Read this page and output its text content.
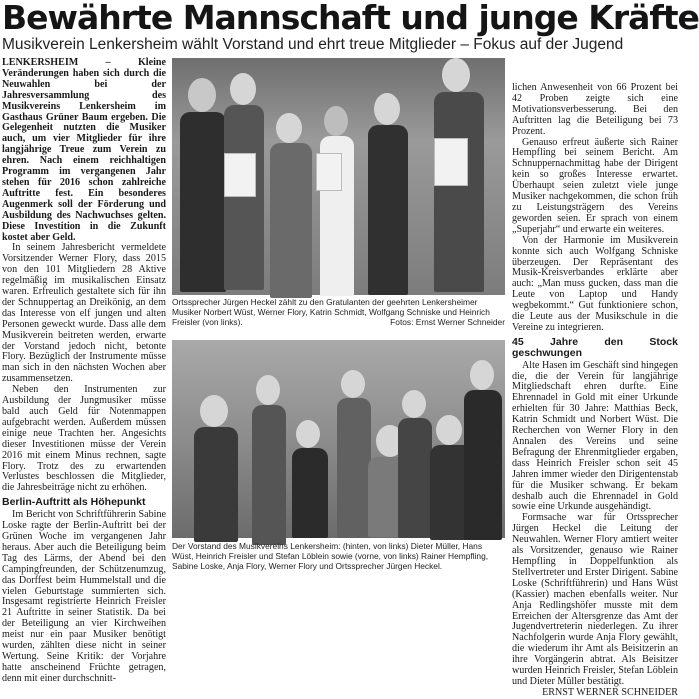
Bewährte Mannschaft und junge Kräfte
Musikverein Lenkersheim wählt Vorstand und ehrt treue Mitglieder – Fokus auf der Jugend

LENKERSHEIM – Kleine Veränderungen haben sich durch die Neuwahlen bei der Jahresversammlung des Musikvereins Lenkersheim im Gasthaus Grüner Baum ergeben. Die Gelegenheit nutzten die Musiker auch, um vier Mitglieder für ihre langjährige Treue zum Verein zu ehren. Nach einem reichhaltigen Programm im vergangenen Jahr stehen für 2016 schon zahlreiche Auftritte fest. Ein besonderes Augenmerk soll der Förderung und Ausbildung des Nachwuchses gelten. Diese Investition in die Zukunft kostet aber Geld.

In seinem Jahresbericht vermeldete Vorsitzender Werner Flory, dass 2015 von den 101 Mitgliedern 28 Aktive regelmäßig im musikalischen Einsatz waren. Erfreulich gestaltete sich für ihn der Schnuppertag an Dreikönig, an dem das Interesse von elf jungen und alten Personen geweckt wurde. Dass alle dem Musikverein beitreten werden, erwarte der Vorstand jedoch nicht, betonte Flory. Bezüglich der Instrumente müsse man sich in den nächsten Wochen aber zusammensetzen.

Neben den Instrumenten zur Ausbildung der Jungmusiker müsse bald auch Geld für Notenmappen aufgebracht werden. Außerdem müssen einige neue Trachten her. Angesichts dieser Investitionen müsse der Verein 2016 mit einem Minus rechnen, sagte Flory. Trotz des zu erwartenden Verlustes beschlossen die Mitglieder, die Jahresbeiträge nicht zu erhöhen.

Berlin-Auftritt als Höhepunkt

Im Bericht von Schriftführerin Sabine Loske ragte der Berlin-Auftritt bei der Grünen Woche im vergangenen Jahr heraus. Aber auch die Beteiligung beim Tag des Lärms, der Abend bei den Campingfreunden, der Schützenumzug, das Dorffest beim Hummelstall und die vielen Geburtstage summierten sich. Insgesamt registrierte Heinrich Freisler 21 Auftritte in seiner Statistik. Da bei der Beteiligung an vier Kirchweihen meist nur ein paar Musiker benötigt wurden, zählten diese nicht in seiner Wertung. Seine Kritik: der Vorjahre hatte anscheinend Früchte getragen, denn mit einer durchschnitt-

Ortssprecher Jürgen Heckel zählt zu den Gratulanten der geehrten Lenkersheimer Musiker Norbert Wüst, Werner Flory, Katrin Schmidt, Wolfgang Schniske und Heinrich Freisler (von links).	Fotos: Ernst Werner Schneider
Der Vorstand des Musikvereins Lenkersheim: (hinten, von links) Dieter Müller, Hans Wüst, Heinrich Freisler und Stefan Löblein sowie (vorne, von links) Rainer Hempfling, Sabine Loske, Anja Flory, Werner Flory und Ortssprecher Jürgen Heckel.

lichen Anwesenheit von 66 Prozent bei 42 Proben zeigte sich eine Motivationsverbesserung. Bei den Auftritten lag die Beteiligung bei 73 Prozent.

Genauso erfreut äußerte sich Rainer Hempfling bei seinem Bericht. Am Schnuppernachmittag habe der Dirigent kein so großes Interesse erwartet. Überhaupt seien zuletzt viele junge Musiker nachgekommen, die schon früh zu Leistungsträgern des Vereins geworden seien. Er sprach von einem „Superjahr“ und erwarte ein weiteres.

Von der Harmonie im Musikverein konnte sich auch Wolfgang Schniske überzeugen. Der Repräsentant des Musik-Kreisverbandes erklärte aber auch: „Man muss gucken, dass man die Leute von Laptop und Handy wegbekommt.“ Gut funktioniere schon, die Leute aus der Musikschule in die Vereine zu integrieren.

45 Jahre den Stock geschwungen

Alte Hasen im Geschäft sind hingegen die, die der Verein für langjährige Mitgliedschaft ehren durfte. Eine Ehrennadel in Gold mit einer Urkunde erhielten für 30 Jahre: Matthias Beck, Katrin Schmidt und Norbert Wüst. Die Recherchen von Werner Flory in den Annalen des Vereins und seine Befragung der Ehrenmitglieder ergaben, dass Heinrich Freisler schon seit 45 Jahren immer wieder den Dirigentenstab für die Musiker schwang. Er bekam deshalb auch die Ehrennadel in Gold sowie eine Urkunde ausgehändigt.

Formsache war für Ortssprecher Jürgen Heckel die Leitung der Neuwahlen. Werner Flory amtiert weiter als Vorsitzender, genauso wie Rainer Hempfling in Doppelfunktion als Stellvertreter und Erster Dirigent. Sabine Loske (Schriftführerin) und Hans Wüst (Kassier) machen ebenfalls weiter. Nur Anja Redlingshöfer musste mit dem Erreichen der Altersgrenze das Amt der Jugendvertreterin niederlegen. Zu ihrer Nachfolgerin wurde Anja Flory gewählt, die wiederum ihr Amt als Beisitzerin an ihre Vorgängerin abtrat. Als Beisitzer wurden Heinrich Freisler, Stefan Löblein und Dieter Müller bestätigt.

ERNST WERNER SCHNEIDER
